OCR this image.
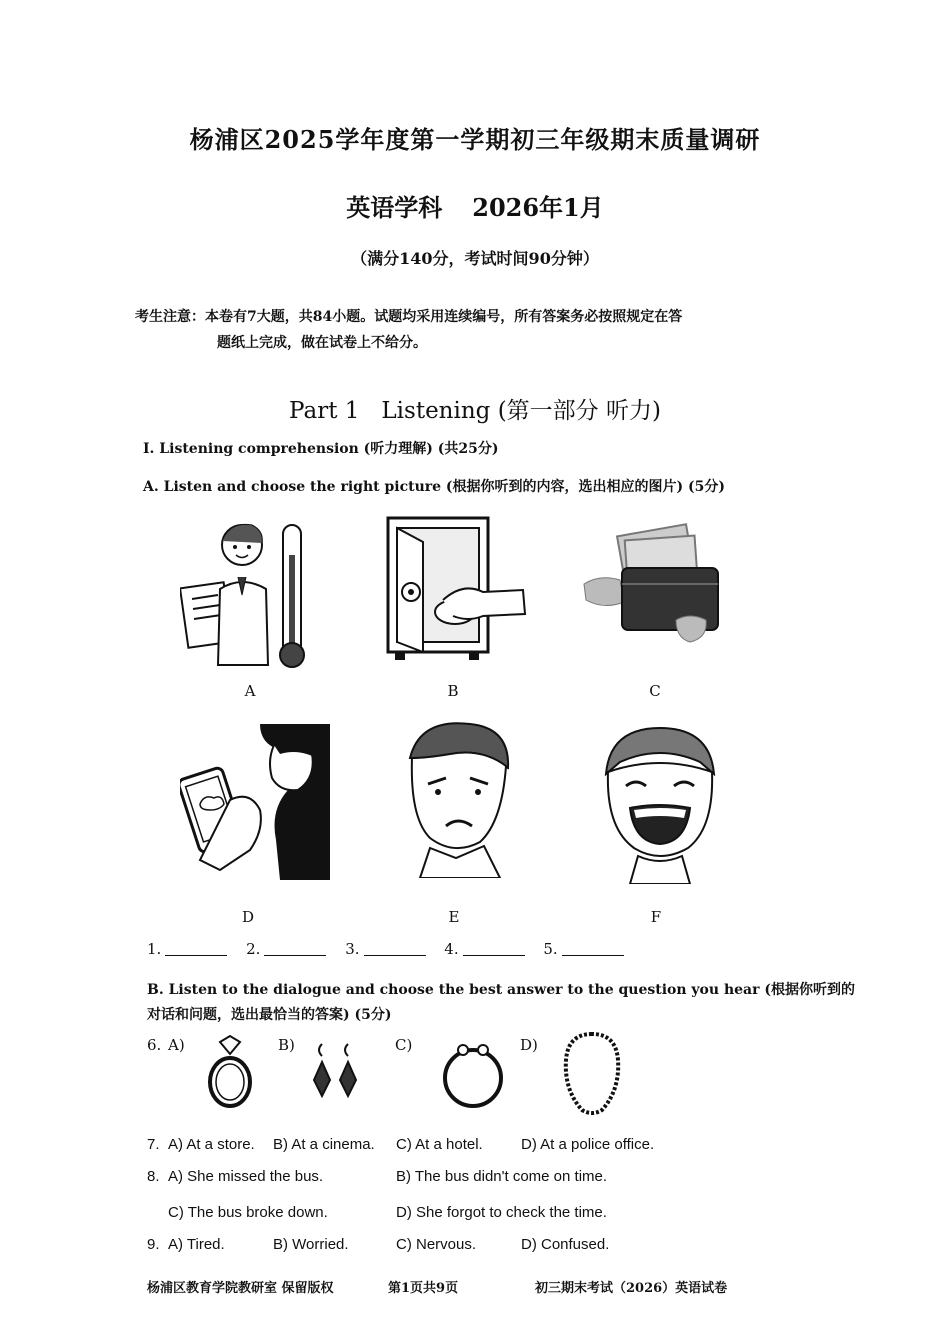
杨浦区2025学年度第一学期初三年级期末质量调研
英语学科 2026年1月
（满分140分，考试时间90分钟）
考生注意：本卷有7大题，共84小题。试题均采用连续编号，所有答案务必按照规定在答
题纸上完成，做在试卷上不给分。
Part 1 Listening (第一部分 听力)
I. Listening comprehension (听力理解) (共25分)
A. Listen and choose the right picture (根据你听到的内容，选出相应的图片) (5分)
A	B	C
D	E	F
1.	2.	3.	4.	5.
B. Listen to the dialogue and choose the best answer to the question you hear (根据你听到的
对话和问题，选出最恰当的答案) (5分)
6. A)	B)	C)	D)
7. A) At a store. B) At a cinema. C) At a hotel.	D) At a police office.
8. A) She missed the bus.	B) The bus didn't come on time.
C) The bus broke down.	D) She forgot to check the time.
9. A) Tired.	B) Worried.	C) Nervous.	D) Confused.
杨浦区教育学院教研室 保留版权	第1页共9页	初三期末考试（2026）英语试卷
